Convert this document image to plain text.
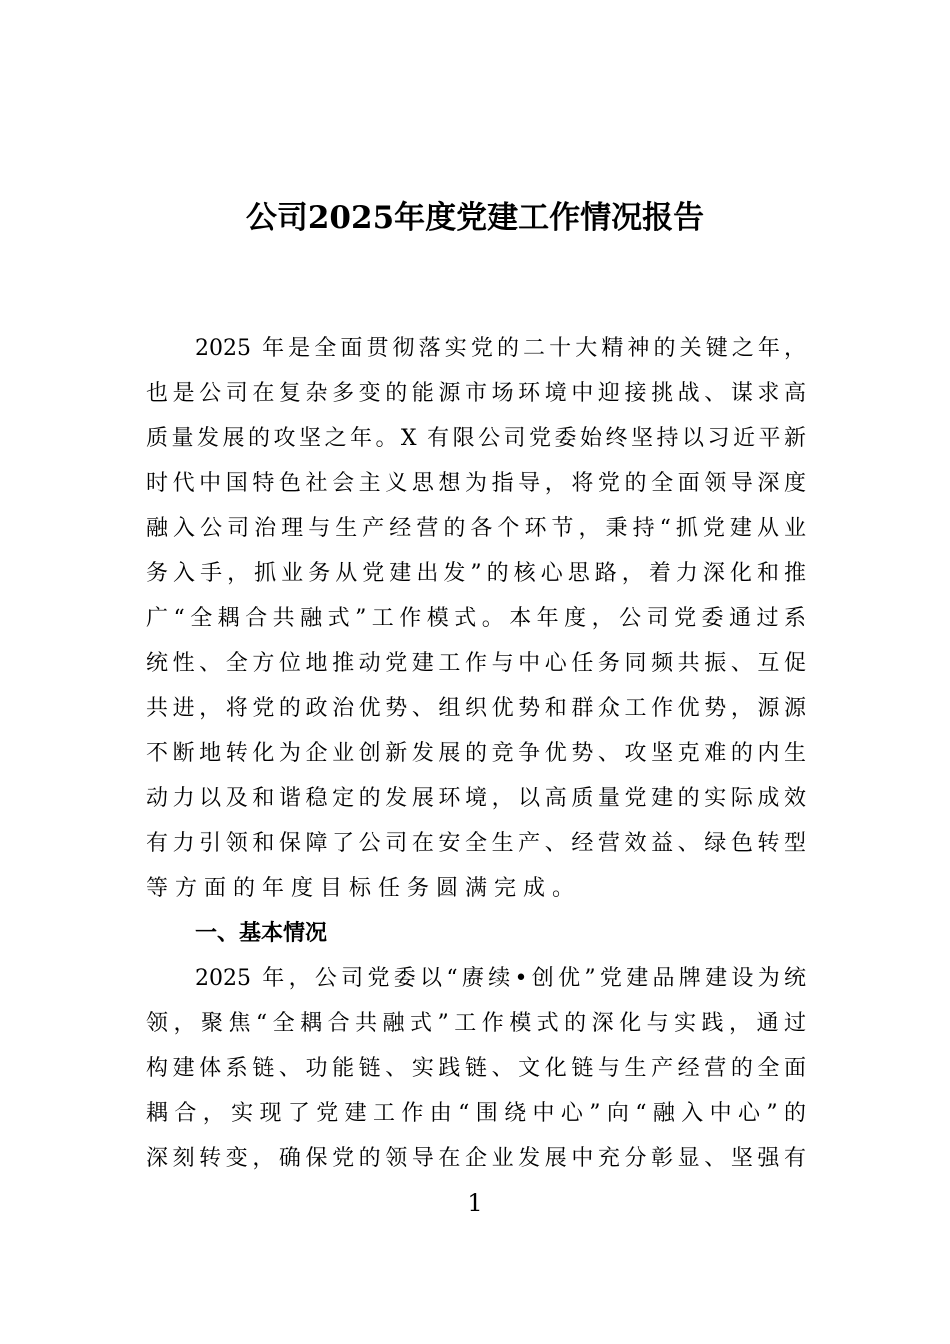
公司2025年度党建工作情况报告
2025 年是全面贯彻落实党的二十大精神的关键之年，
也是公司在复杂多变的能源市场环境中迎接挑战、谋求高
质量发展的攻坚之年。X 有限公司党委始终坚持以习近平新
时代中国特色社会主义思想为指导，将党的全面领导深度
融入公司治理与生产经营的各个环节，秉持“抓党建从业
务入手，抓业务从党建出发”的核心思路，着力深化和推
广“全耦合共融式”工作模式。本年度，公司党委通过系
统性、全方位地推动党建工作与中心任务同频共振、互促
共进，将党的政治优势、组织优势和群众工作优势，源源
不断地转化为企业创新发展的竞争优势、攻坚克难的内生
动力以及和谐稳定的发展环境，以高质量党建的实际成效
有力引领和保障了公司在安全生产、经营效益、绿色转型
等方面的年度目标任务圆满完成。
一、基本情况
2025 年，公司党委以“赓续•创优”党建品牌建设为统
领，聚焦“全耦合共融式”工作模式的深化与实践，通过
构建体系链、功能链、实践链、文化链与生产经营的全面
耦合，实现了党建工作由“围绕中心”向“融入中心”的
深刻转变，确保党的领导在企业发展中充分彰显、坚强有
1
